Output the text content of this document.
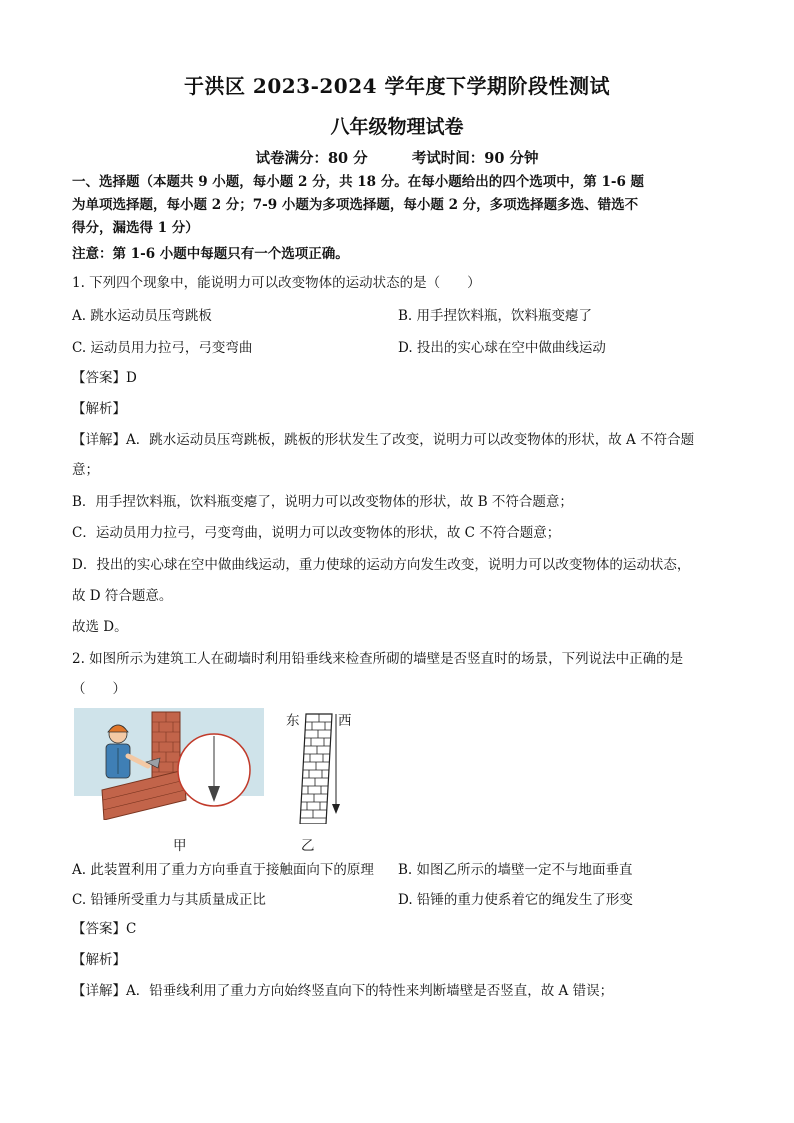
于洪区 2023-2024 学年度下学期阶段性测试
八年级物理试卷
试卷满分：80 分	考试时间：90 分钟
一、选择题（本题共 9 小题，每小题 2 分，共 18 分。在每小题给出的四个选项中，第 1-6 题
为单项选择题，每小题 2 分；7-9 小题为多项选择题，每小题 2 分，多项选择题多选、错选不
得分，漏选得 1 分）
注意：第 1-6 小题中每题只有一个选项正确。
1. 下列四个现象中，能说明力可以改变物体的运动状态的是（　　）
A. 跳水运动员压弯跳板	B. 用手捏饮料瓶，饮料瓶变瘪了
C. 运动员用力拉弓，弓变弯曲	D. 投出的实心球在空中做曲线运动
【答案】D
【解析】
【详解】A．跳水运动员压弯跳板，跳板的形状发生了改变，说明力可以改变物体的形状，故 A 不符合题
意；
B．用手捏饮料瓶，饮料瓶变瘪了，说明力可以改变物体的形状，故 B 不符合题意；
C．运动员用力拉弓，弓变弯曲，说明力可以改变物体的形状，故 C 不符合题意；
D．投出的实心球在空中做曲线运动，重力使球的运动方向发生改变，说明力可以改变物体的运动状态，
故 D 符合题意。
故选 D。
2. 如图所示为建筑工人在砌墙时利用铅垂线来检查所砌的墙壁是否竖直时的场景，下列说法中正确的是
（　　）
东	西
甲	乙
A. 此装置利用了重力方向垂直于接触面向下的原理 B. 如图乙所示的墙壁一定不与地面垂直
C. 铅锤所受重力与其质量成正比	D. 铅锤的重力使系着它的绳发生了形变
【答案】C
【解析】
【详解】A．铅垂线利用了重力方向始终竖直向下的特性来判断墙壁是否竖直，故 A 错误；
